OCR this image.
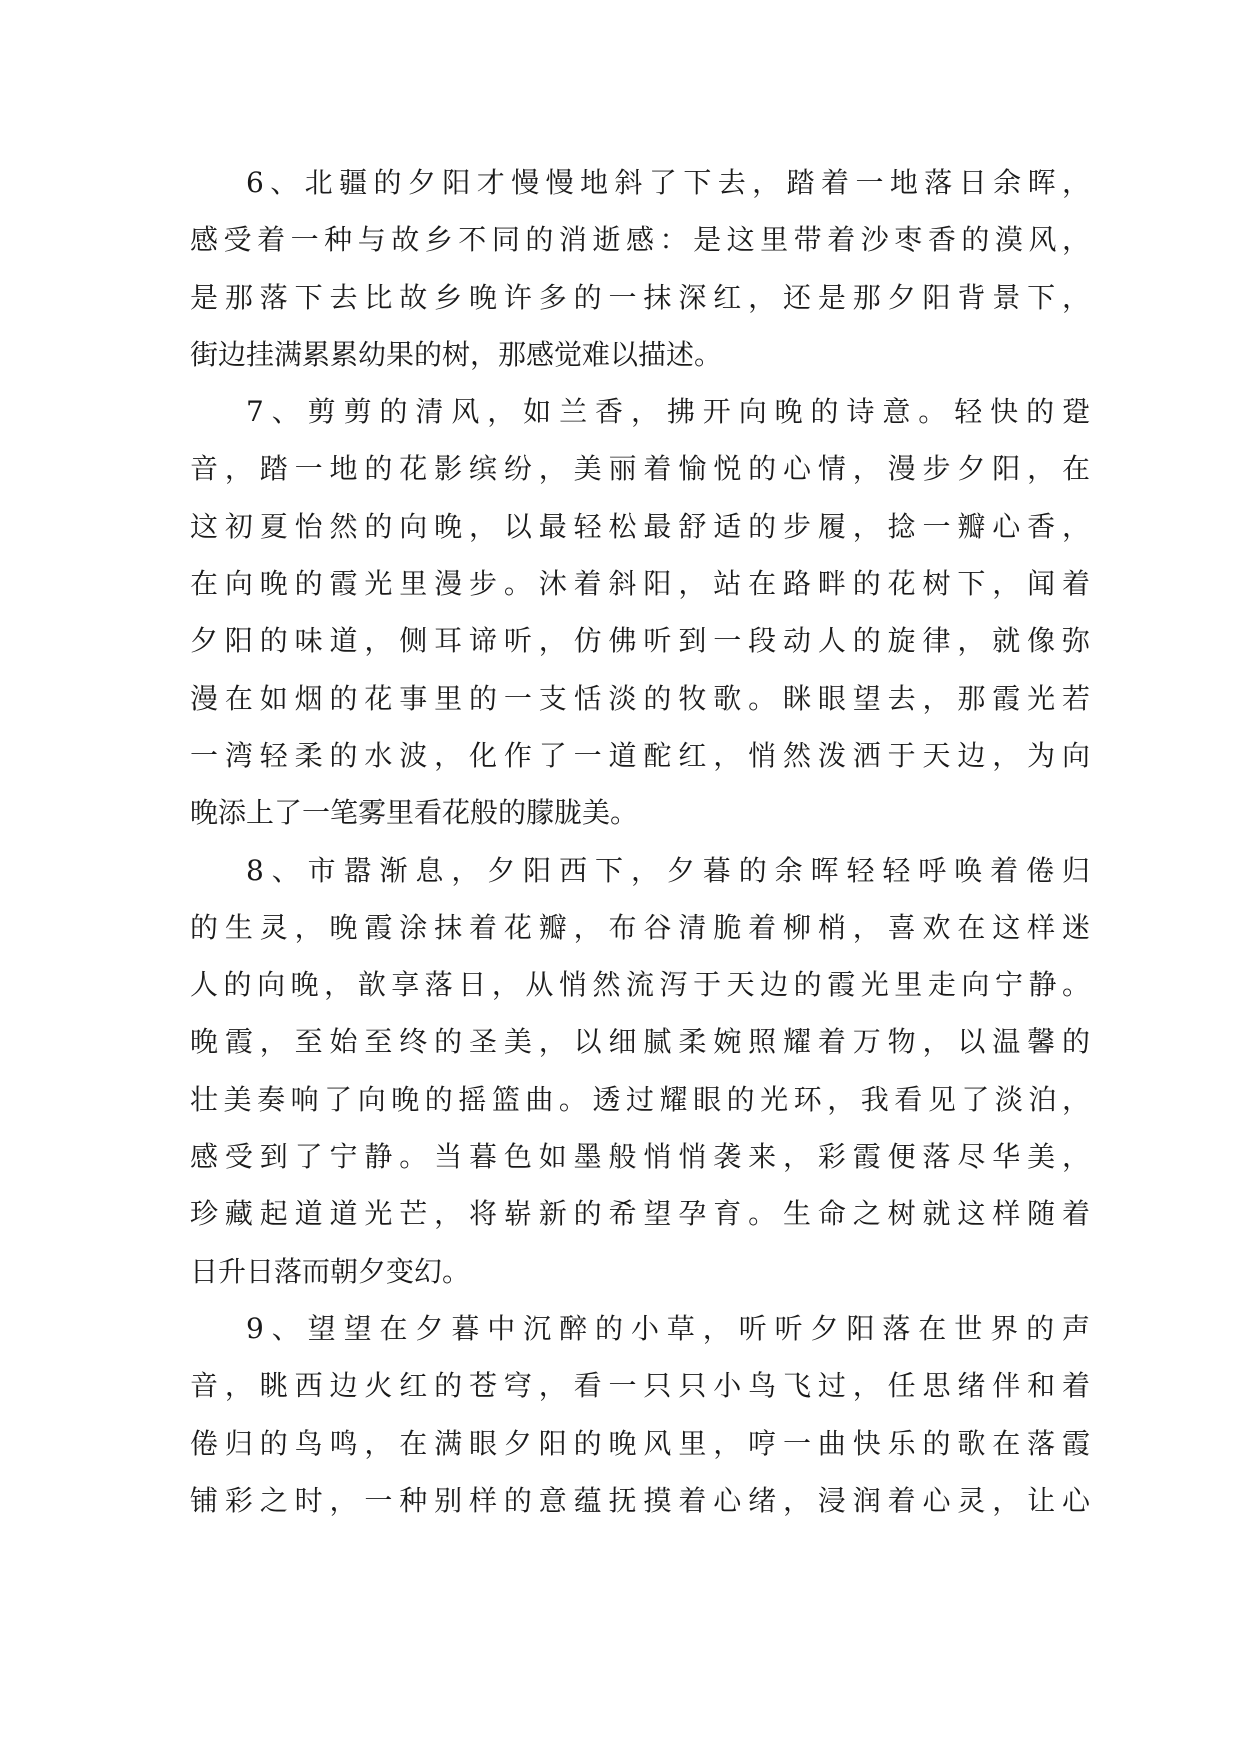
6、北疆的夕阳才慢慢地斜了下去，踏着一地落日余晖，
感受着一种与故乡不同的消逝感：是这里带着沙枣香的漠风，
是那落下去比故乡晚许多的一抹深红，还是那夕阳背景下，
街边挂满累累幼果的树，那感觉难以描述。
7、剪剪的清风，如兰香，拂开向晚的诗意。轻快的跫
音，踏一地的花影缤纷，美丽着愉悦的心情，漫步夕阳，在
这初夏怡然的向晚，以最轻松最舒适的步履，捻一瓣心香，
在向晚的霞光里漫步。沐着斜阳，站在路畔的花树下，闻着
夕阳的味道，侧耳谛听，仿佛听到一段动人的旋律，就像弥
漫在如烟的花事里的一支恬淡的牧歌。眯眼望去，那霞光若
一湾轻柔的水波，化作了一道酡红，悄然泼洒于天边，为向
晚添上了一笔雾里看花般的朦胧美。
8、市嚣渐息，夕阳西下，夕暮的余晖轻轻呼唤着倦归
的生灵，晚霞涂抹着花瓣，布谷清脆着柳梢，喜欢在这样迷
人的向晚，歆享落日，从悄然流泻于天边的霞光里走向宁静。
晚霞，至始至终的圣美，以细腻柔婉照耀着万物，以温馨的
壮美奏响了向晚的摇篮曲。透过耀眼的光环，我看见了淡泊，
感受到了宁静。当暮色如墨般悄悄袭来，彩霞便落尽华美，
珍藏起道道光芒，将崭新的希望孕育。生命之树就这样随着
日升日落而朝夕变幻。
9、望望在夕暮中沉醉的小草，听听夕阳落在世界的声
音，眺西边火红的苍穹，看一只只小鸟飞过，任思绪伴和着
倦归的鸟鸣，在满眼夕阳的晚风里，哼一曲快乐的歌在落霞
铺彩之时，一种别样的意蕴抚摸着心绪，浸润着心灵，让心
